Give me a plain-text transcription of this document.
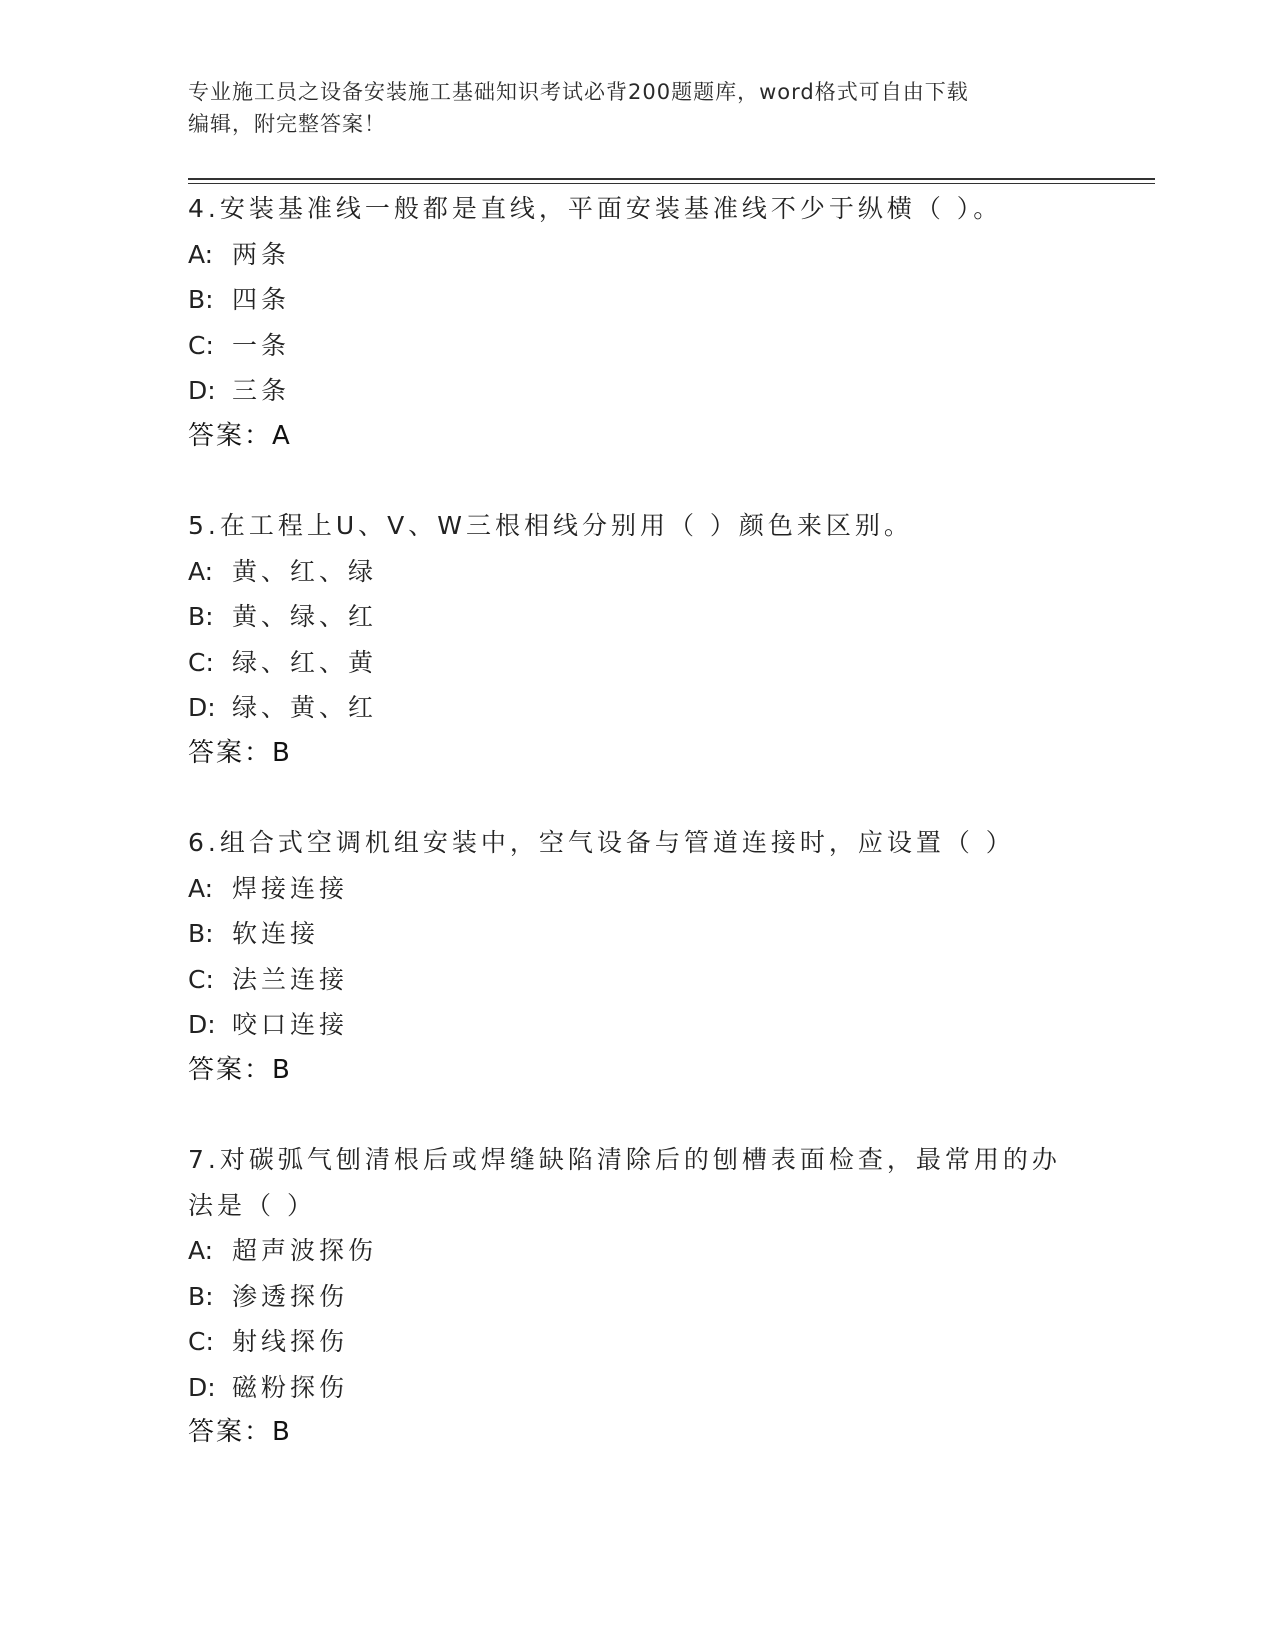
专业施工员之设备安装施工基础知识考试必背200题题库，word格式可自由下载
编辑，附完整答案！
4.安装基准线一般都是直线，平面安装基准线不少于纵横（ ）。
A: 两条
B: 四条
C: 一条
D: 三条
答案：A
5.在工程上U、V、W三根相线分别用（ ）颜色来区别。
A: 黄、红、绿
B: 黄、绿、红
C: 绿、红、黄
D: 绿、黄、红
答案：B
6.组合式空调机组安装中，空气设备与管道连接时，应设置（ ）
A: 焊接连接
B: 软连接
C: 法兰连接
D: 咬口连接
答案：B
7.对碳弧气刨清根后或焊缝缺陷清除后的刨槽表面检查，最常用的办
法是（ ）
A: 超声波探伤
B: 渗透探伤
C: 射线探伤
D: 磁粉探伤
答案：B
